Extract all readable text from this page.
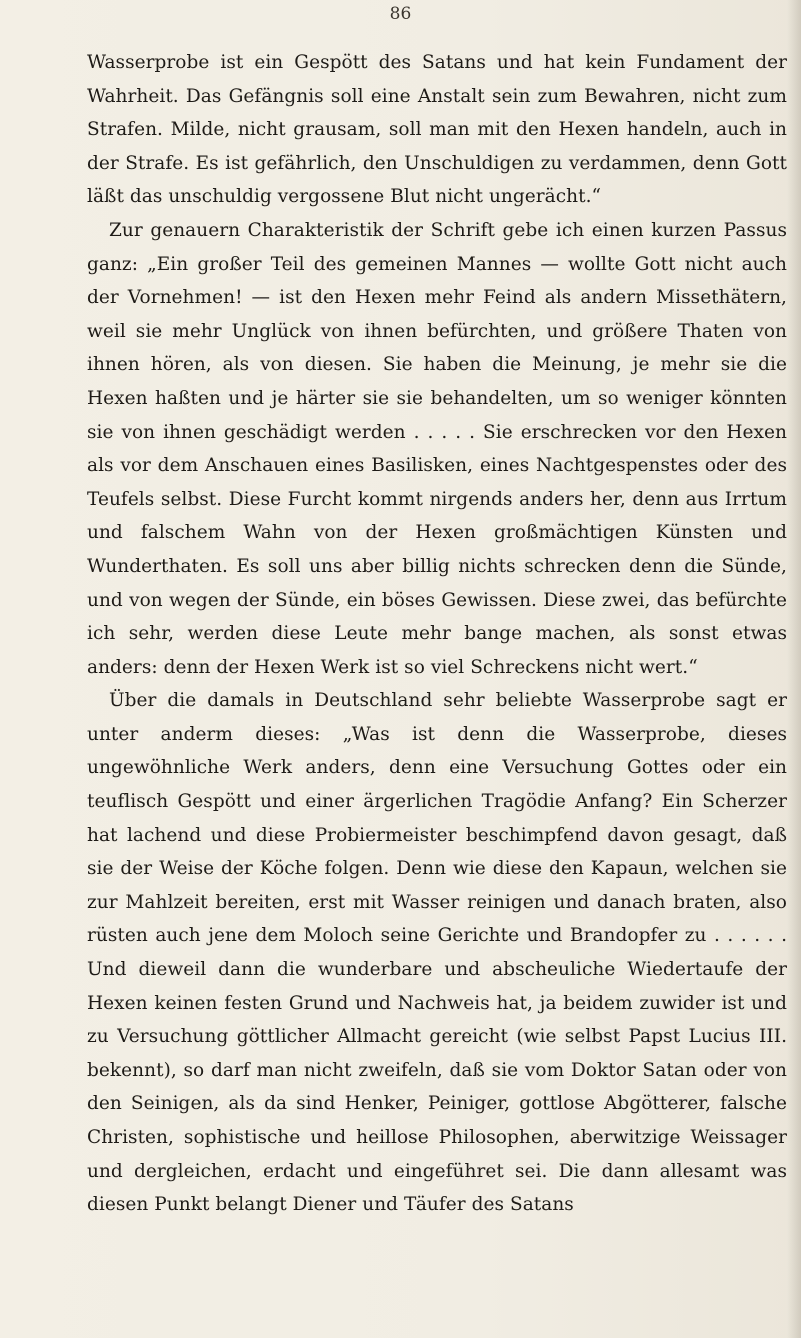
86

Wasserprobe ist ein Gespött des Satans und hat kein Fundament der Wahrheit. Das Gefängnis soll eine Anstalt sein zum Bewahren, nicht zum Strafen. Milde, nicht grausam, soll man mit den Hexen handeln, auch in der Strafe. Es ist gefährlich, den Unschuldigen zu verdammen, denn Gott läßt das unschuldig vergossene Blut nicht ungerächt.“

Zur genauern Charakteristik der Schrift gebe ich einen kurzen Passus ganz: „Ein großer Teil des gemeinen Mannes — wollte Gott nicht auch der Vornehmen! — ist den Hexen mehr Feind als andern Missethätern, weil sie mehr Unglück von ihnen befürchten, und größere Thaten von ihnen hören, als von diesen. Sie haben die Meinung, je mehr sie die Hexen haßten und je härter sie sie behandelten, um so weniger könnten sie von ihnen geschädigt werden . . . . . Sie erschrecken vor den Hexen als vor dem Anschauen eines Basiliskеn, eines Nachtgespenstes oder des Teufels selbst. Diese Furcht kommt nirgends anders her, denn aus Irrtum und falschem Wahn von der Hexen großmächtigen Künsten und Wunderthaten. Es soll uns aber billig nichts schrecken denn die Sünde, und von wegen der Sünde, ein böses Gewissen. Diese zwei, das befürchte ich sehr, werden diese Leute mehr bange machen, als sonst etwas anders: denn der Hexen Werk ist so viel Schreckens nicht wert.“

Über die damals in Deutschland sehr beliebte Wasserprobe sagt er unter anderm dieses: „Was ist denn die Wasserprobe, dieses ungewöhnliche Werk anders, denn eine Versuchung Gottes oder ein teuflisch Gespött und einer ärgerlichen Tragödie Anfang? Ein Scherzer hat lachend und diese Probiermeister beschimpfend davon gesagt, daß sie der Weise der Köche folgen. Denn wie diese den Kapaun, welchen sie zur Mahlzeit bereiten, erst mit Wasser reinigen und danach braten, also rüsten auch jene dem Moloch seine Gerichte und Brandopfer zu . . . . . . Und dieweil dann die wunderbare und abscheuliche Wiedertaufe der Hexen keinen festen Grund und Nachweis hat, ja beidem zuwider ist und zu Versuchung göttlicher Allmacht gereicht (wie selbst Papst Lucius III. bekennt), so darf man nicht zweifeln, daß sie vom Doktor Satan oder von den Seinigen, als da sind Henker, Peiniger, gottlose Abgötterer, falsche Christen, sophistische und heillose Philosophen, aberwitzige Weissager und dergleichen, erdacht und eingeführet sei. Die dann allesamt was diesen Punkt belangt Diener und Täufer des Satans
